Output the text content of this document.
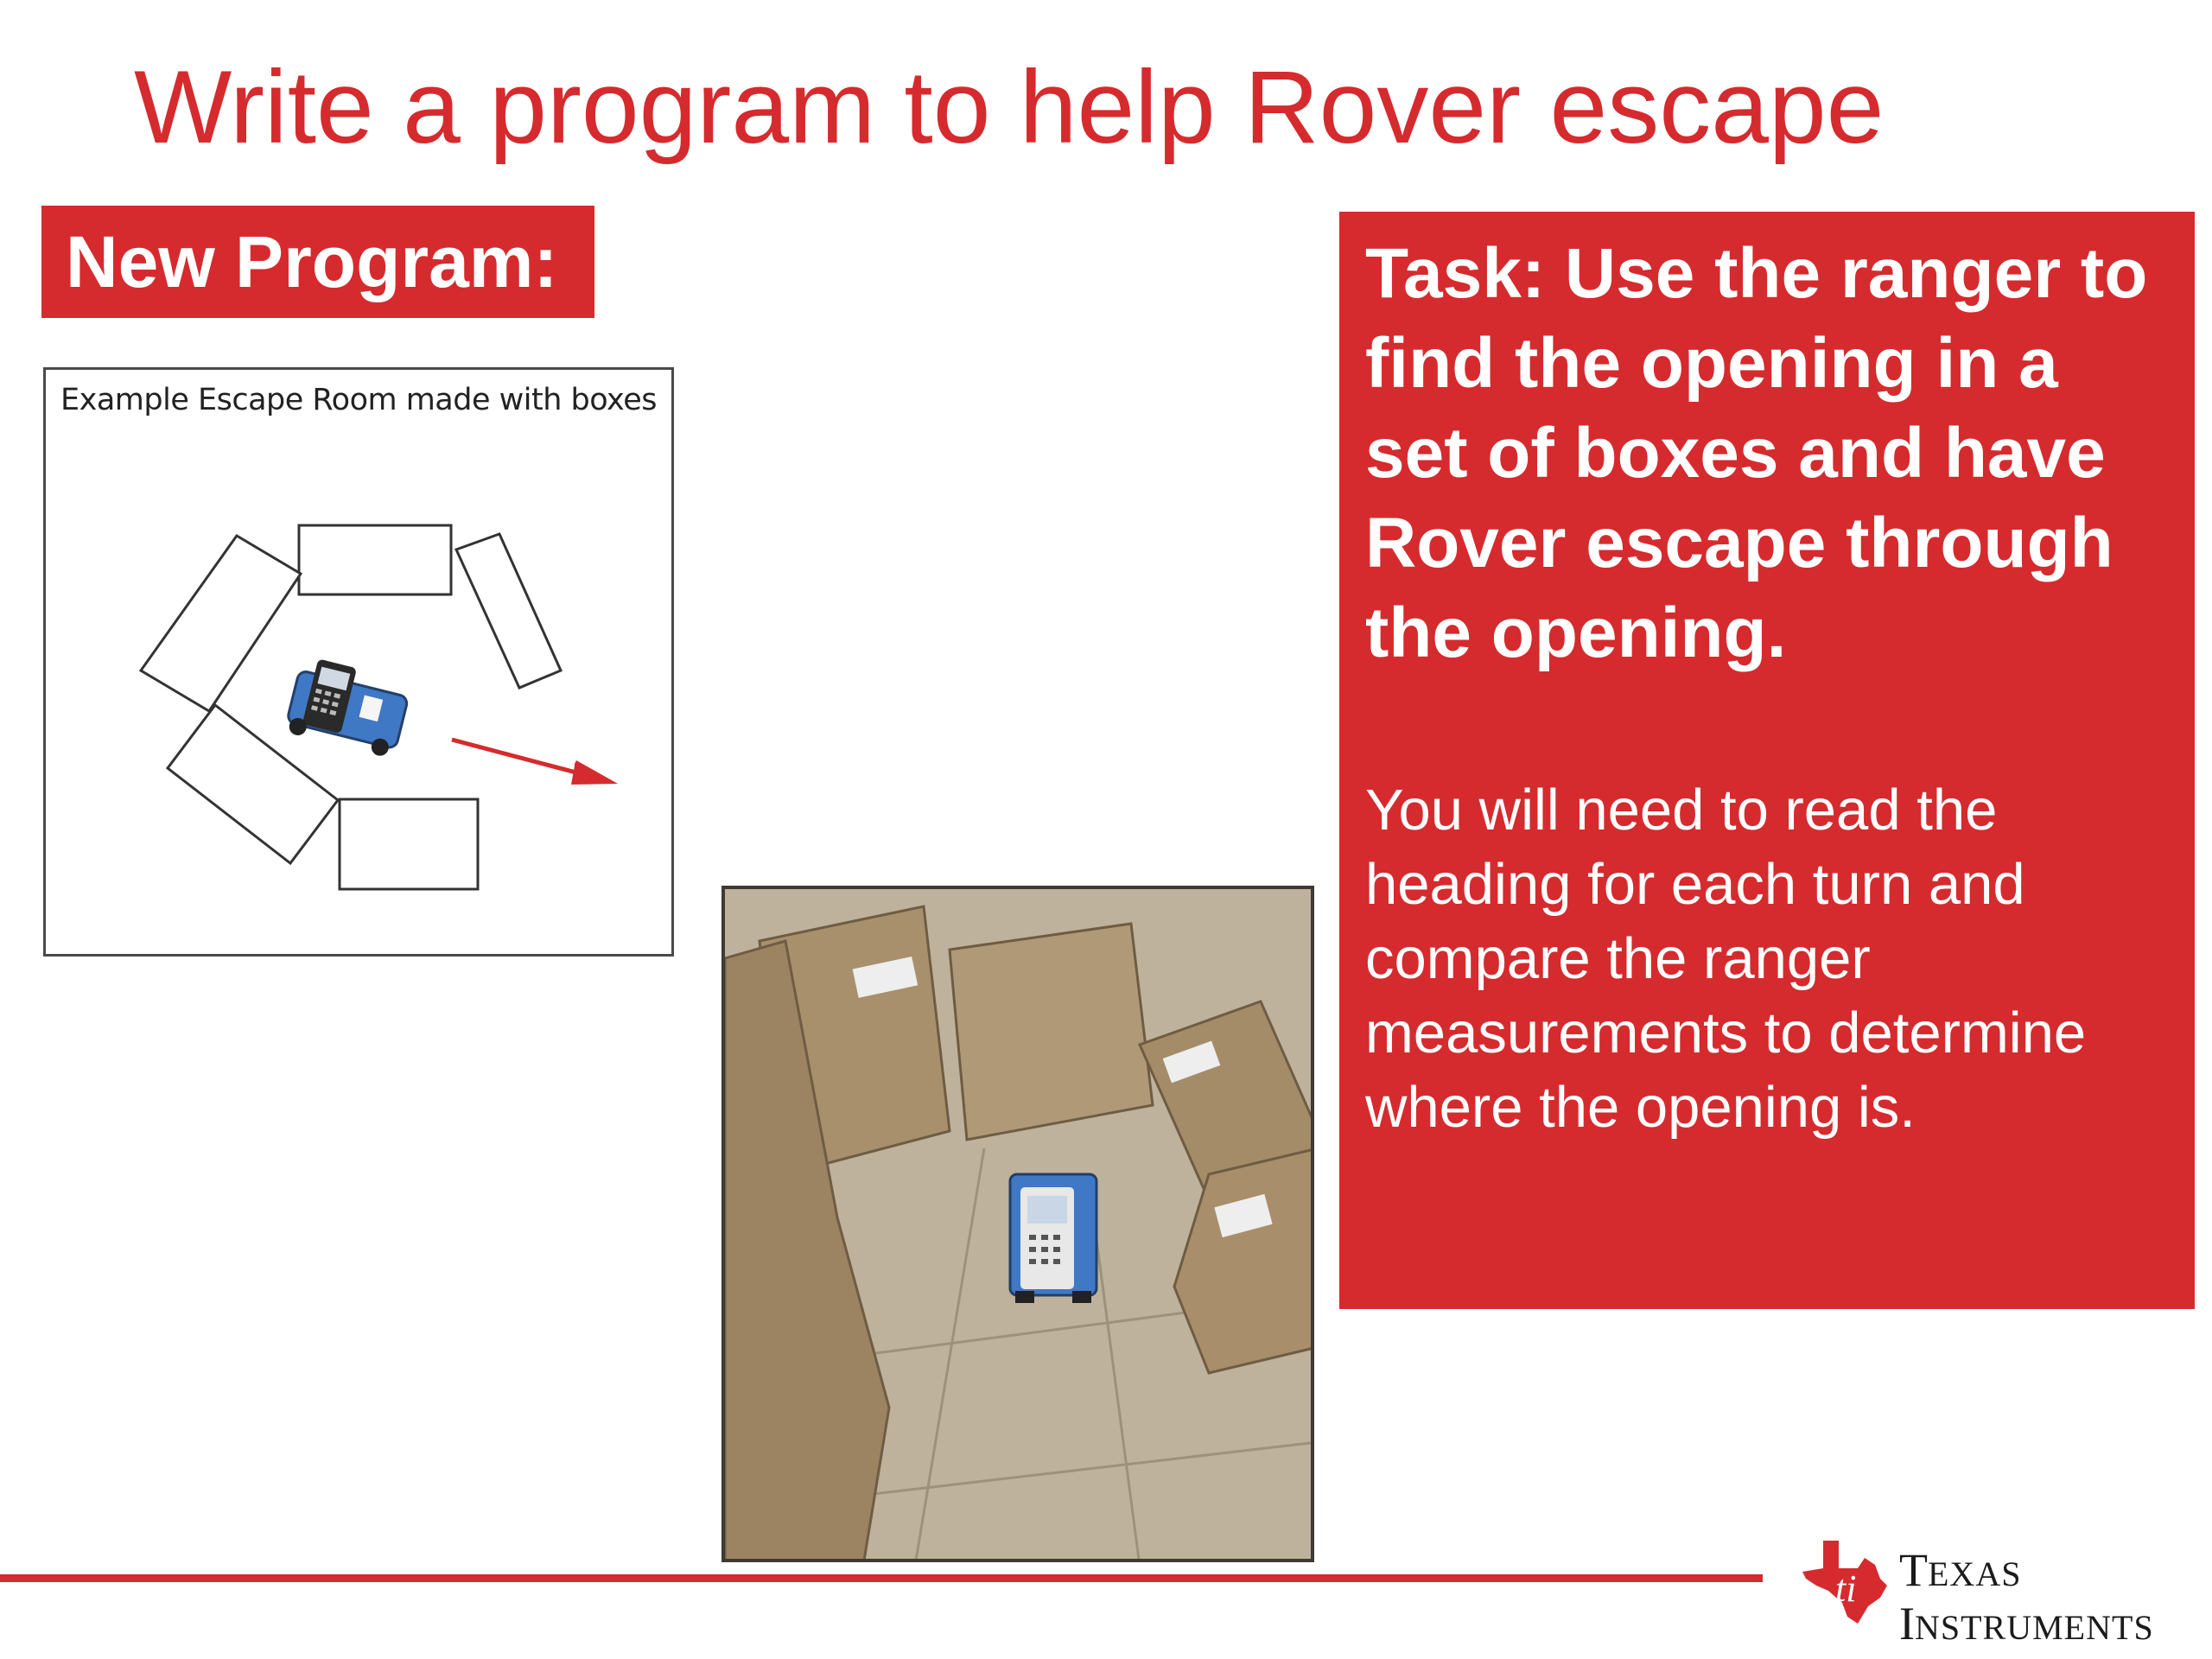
Write a program to help Rover escape
New Program:
Example Escape Room made with boxes

Task: Use the ranger to find the opening in a set of boxes and have Rover escape through the opening.

You will need to read the heading for each turn and compare the ranger measurements to determine where the opening is.
ti TEXAS
INSTRUMENTS
